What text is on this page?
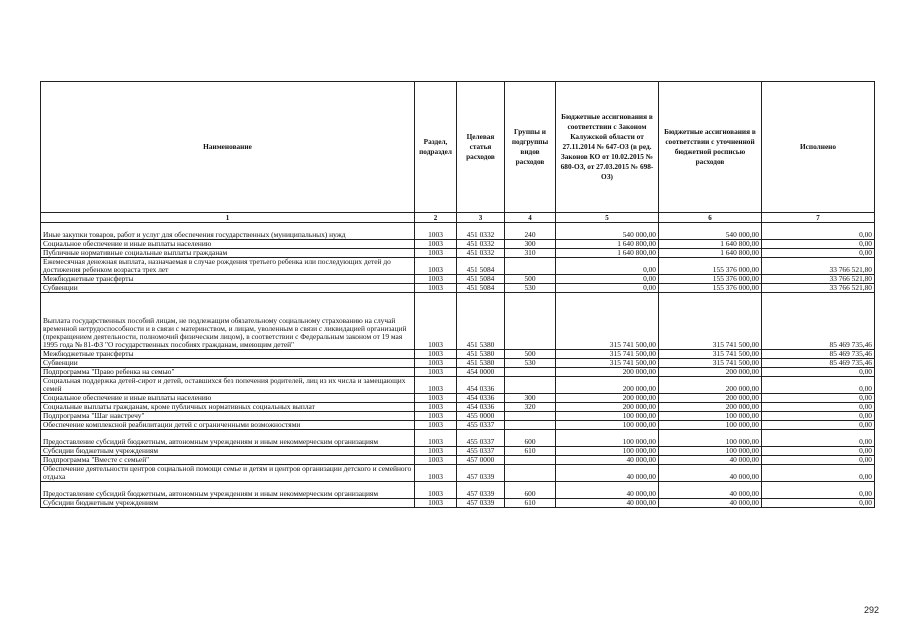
Наименование	Раздел, подраздел	Целевая статья расходов	Группы и подгруппы видов расходов	Бюджетные ассигнования в соответствии с Законом Калужской области от 27.11.2014 № 647-ОЗ (в ред. Законов КО от 10.02.2015 № 680-ОЗ, от 27.03.2015 № 698-ОЗ)	Бюджетные ассигнования в соответствии с уточненной бюджетной росписью расходов	Исполнено
1	2	3	4	5	6	7
Иные закупки товаров, работ и услуг для обеспечения государственных (муниципальных) нужд	1003	451 0332	240	540 000,00	540 000,00	0,00
Социальное обеспечение и иные выплаты населению	1003	451 0332	300	1 640 800,00	1 640 800,00	0,00
Публичные нормативные социальные выплаты гражданам	1003	451 0332	310	1 640 800,00	1 640 800,00	0,00
Ежемесячная денежная выплата, назначаемая в случае рождения третьего ребенка или последующих детей до достижения ребенком возраста трех лет	1003	451 5084		0,00	155 376 000,00	33 766 521,80
Межбюджетные трансферты	1003	451 5084	500	0,00	155 376 000,00	33 766 521,80
Субвенции	1003	451 5084	530	0,00	155 376 000,00	33 766 521,80
Выплата государственных пособий лицам, не подлежащим обязательному социальному страхованию на случай временной нетрудоспособности и в связи с материнством, и лицам, уволенным в связи с ликвидацией организаций (прекращением деятельности, полномочий физическим лицом), в соответствии с Федеральным законом от 19 мая 1995 года № 81-ФЗ "О государственных пособиях гражданам, имеющим детей"	1003	451 5380		315 741 500,00	315 741 500,00	85 469 735,46
Межбюджетные трансферты	1003	451 5380	500	315 741 500,00	315 741 500,00	85 469 735,46
Субвенции	1003	451 5380	530	315 741 500,00	315 741 500,00	85 469 735,46
Подпрограмма "Право ребенка на семью"	1003	454 0000		200 000,00	200 000,00	0,00
Социальная поддержка детей-сирот и детей, оставшихся без попечения родителей, лиц из их числа и замещающих семей	1003	454 0336		200 000,00	200 000,00	0,00
Социальное обеспечение и иные выплаты населению	1003	454 0336	300	200 000,00	200 000,00	0,00
Социальные выплаты гражданам, кроме публичных нормативных социальных выплат	1003	454 0336	320	200 000,00	200 000,00	0,00
Подпрограмма "Шаг навстречу"	1003	455 0000		100 000,00	100 000,00	0,00
Обеспечение комплексной реабилитации детей с ограниченными возможностями	1003	455 0337		100 000,00	100 000,00	0,00
Предоставление субсидий бюджетным, автономным учреждениям и иным некоммерческим организациям	1003	455 0337	600	100 000,00	100 000,00	0,00
Субсидии бюджетным учреждениям	1003	455 0337	610	100 000,00	100 000,00	0,00
Подпрограмма "Вместе с семьей"	1003	457 0000		40 000,00	40 000,00	0,00
Обеспечение деятельности центров социальной помощи семье и детям и центров организации детского и семейного отдыха	1003	457 0339		40 000,00	40 000,00	0,00
Предоставление субсидий бюджетным, автономным учреждениям и иным некоммерческим организациям	1003	457 0339	600	40 000,00	40 000,00	0,00
Субсидии бюджетным учреждениям	1003	457 0339	610	40 000,00	40 000,00	0,00
292
